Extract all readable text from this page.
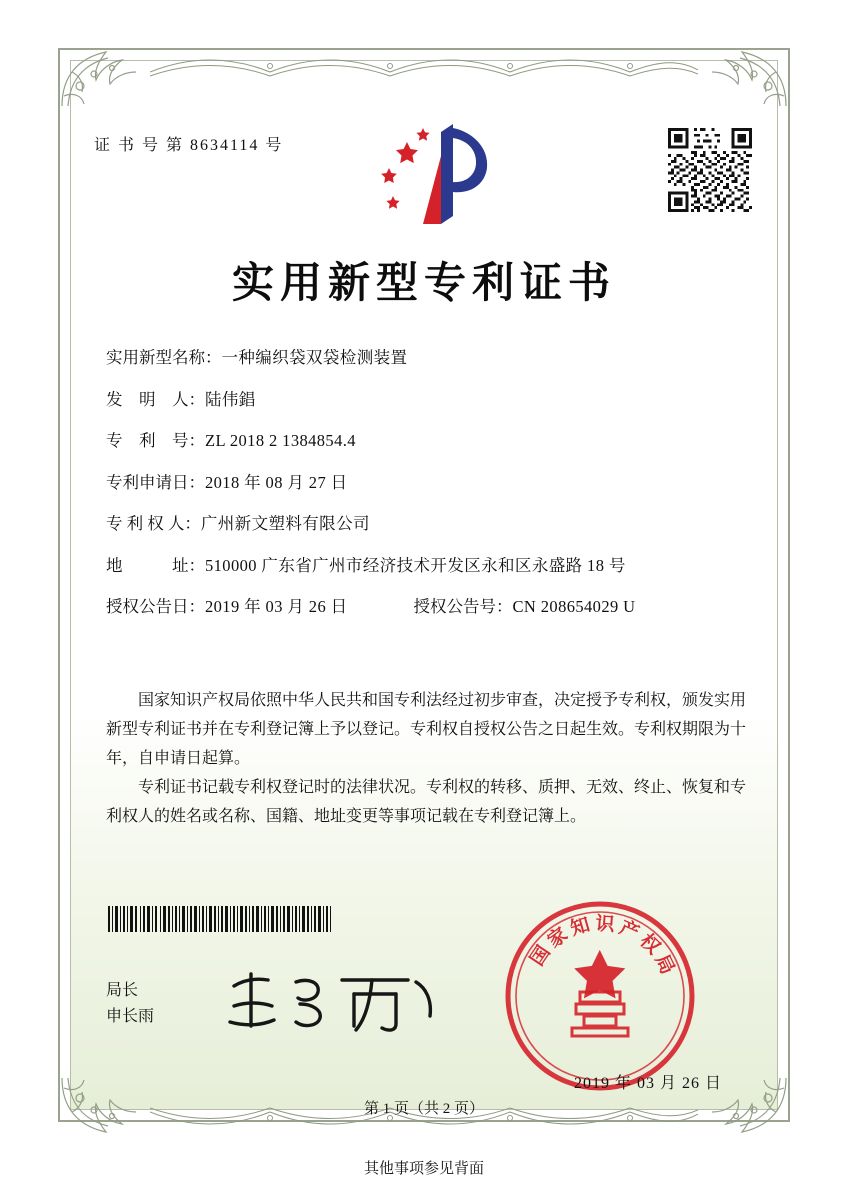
证 书 号 第 8634114 号
实用新型专利证书
实用新型名称： 一种编织袋双袋检测装置
发　明　人： 陆伟錩
专　利　号： ZL 2018 2 1384854.4
专利申请日： 2018 年 08 月 27 日
专 利 权 人： 广州新文塑料有限公司
地　　　址： 510000 广东省广州市经济技术开发区永和区永盛路 18 号
授权公告日： 2019 年 03 月 26 日	授权公告号： CN 208654029 U

国家知识产权局依照中华人民共和国专利法经过初步审查，决定授予专利权，颁发实用新型专利证书并在专利登记簿上予以登记。专利权自授权公告之日起生效。专利权期限为十年，自申请日起算。

专利证书记载专利权登记时的法律状况。专利权的转移、质押、无效、终止、恢复和专利权人的姓名或名称、国籍、地址变更等事项记载在专利登记簿上。

局长
申长雨
国
家
知 识 产
权
局
2019 年 03 月 26 日
第 1 页（共 2 页）
其他事项参见背面
